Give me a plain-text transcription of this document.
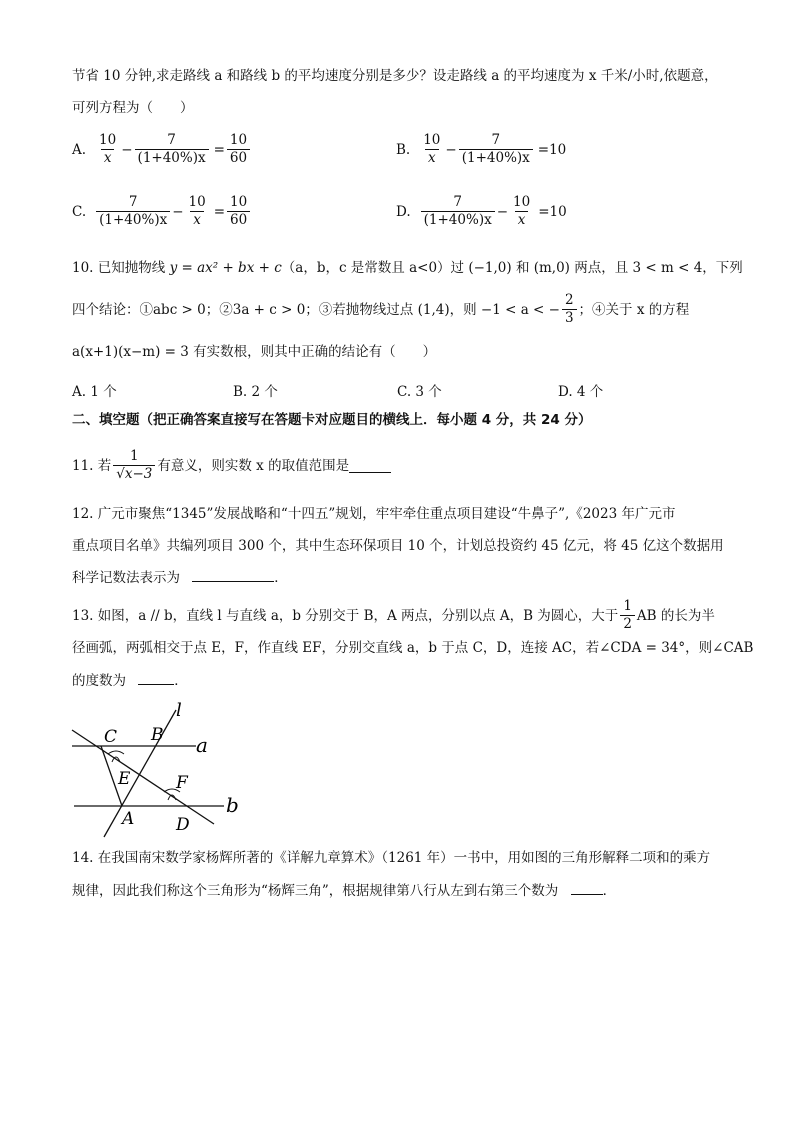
节省 10 分钟,求走路线 a 和路线 b 的平均速度分别是多少？设走路线 a 的平均速度为 x 千米/小时,依题意，
可列方程为（　　）
A. $\frac{10}{x} - \frac{7}{(1+40\%)x} = \frac{10}{60}$	B. $\frac{10}{x} - \frac{7}{(1+40\%)x} =10$
C. $\frac{7}{(1+40\%)x} - \frac{10}{x} = \frac{10}{60}$	D. $\frac{7}{(1+40\%)x} - \frac{10}{x} =10$
10. 已知抛物线 y = ax² + bx + c（a，b，c 是常数且 a<0）过 (−1,0) 和 (m,0) 两点，且 3 < m < 4，下列
四个结论：①abc > 0；②3a + c > 0；③若抛物线过点 (1,4)，则 −1 < a < − $\frac{2}{3}$ ；④关于 x 的方程
a(x+1)(x−m) = 3 有实数根，则其中正确的结论有（　　）
A. 1 个	B. 2 个	C. 3 个	D. 4 个
二、填空题（把正确答案直接写在答题卡对应题目的横线上．每小题 4 分，共 24 分）
11. 若 $\frac{1}{√x-3}$ 有意义，则实数 x 的取值范围是
12. 广元市聚焦“1345”发展战略和“十四五”规划，牢牢牵住重点项目建设“牛鼻子”,《2023 年广元市
重点项目名单》共编列项目 300 个，其中生态环保项目 10 个，计划总投资约 45 亿元，将 45 亿这个数据用
科学记数法表示为	．
13. 如图，a // b，直线 l 与直线 a，b 分别交于 B，A 两点，分别以点 A，B 为圆心，大于 $\frac{1}{2}$ AB 的长为半
径画弧，两弧相交于点 E，F，作直线 EF，分别交直线 a，b 于点 C，D，连接 AC，若∠CDA = 34°，则∠CAB
的度数为	．
l
C B a
E	F
b
A D
14. 在我国南宋数学家杨辉所著的《详解九章算术》（1261 年）一书中，用如图的三角形解释二项和的乘方
规律，因此我们称这个三角形为“杨辉三角”，根据规律第八行从左到右第三个数为	．
